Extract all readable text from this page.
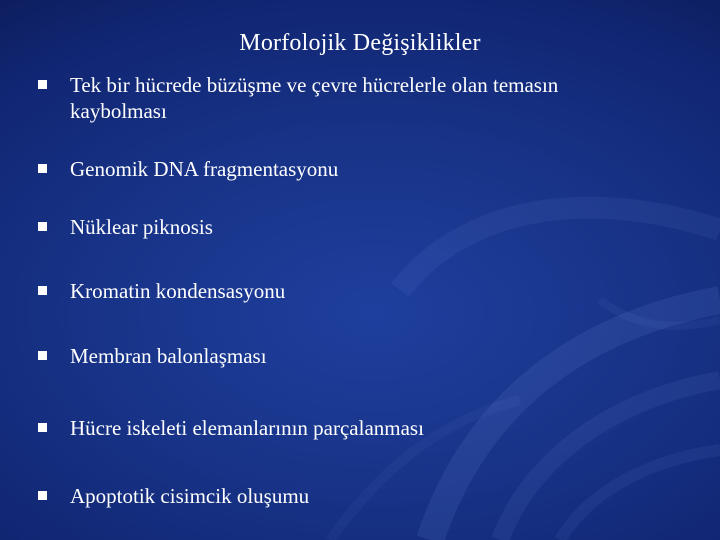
Morfolojik Değişiklikler
Tek bir hücrede büzüşme ve çevre hücrelerle olan temasın kaybolması
Genomik DNA fragmentasyonu
Nüklear piknosis
Kromatin kondensasyonu
Membran balonlaşması
Hücre iskeleti elemanlarının parçalanması
Apoptotik cisimcik oluşumu
